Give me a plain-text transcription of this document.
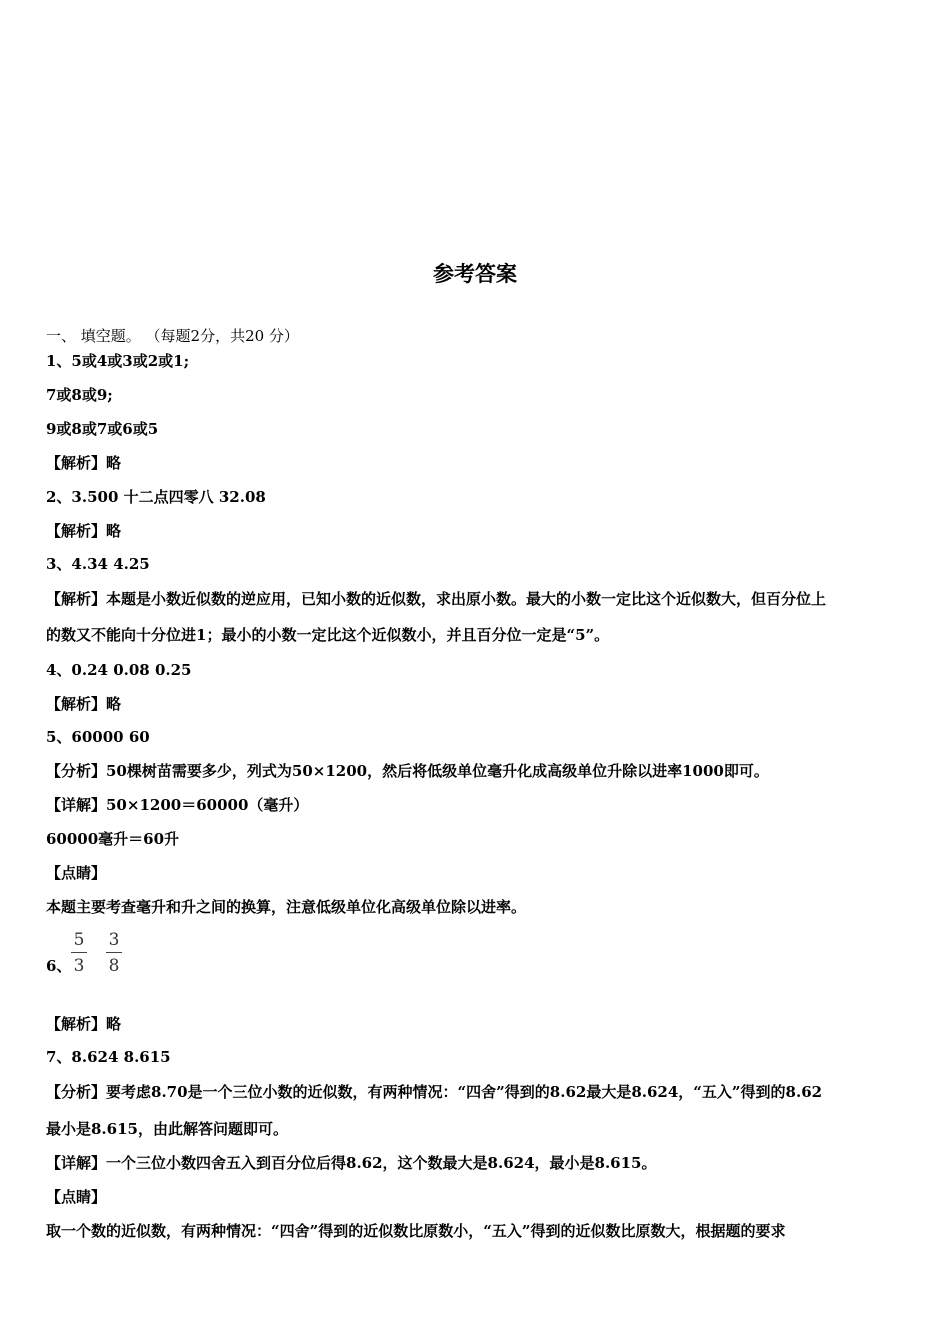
参考答案
一、 填空题。 （每题2分，共20 分）
1、5或4或3或2或1;
7或8或9;
9或8或7或6或5
【解析】略
2、3.500 十二点四零八 32.08
【解析】略
3、4.34 4.25
【解析】本题是小数近似数的逆应用，已知小数的近似数，求出原小数。最大的小数一定比这个近似数大，但百分位上
的数又不能向十分位进1；最小的小数一定比这个近似数小，并且百分位一定是“5”。
4、0.24 0.08 0.25
【解析】略
5、60000 60
【分析】50棵树苗需要多少，列式为50×1200，然后将低级单位毫升化成高级单位升除以进率1000即可。
【详解】50×1200＝60000（毫升）
60000毫升＝60升
【点睛】
本题主要考查毫升和升之间的换算，注意低级单位化高级单位除以进率。
6、
5
3
3
8
【解析】略
7、8.624 8.615
【分析】要考虑8.70是一个三位小数的近似数，有两种情况：“四舍”得到的8.62最大是8.624，“五入”得到的8.62
最小是8.615，由此解答问题即可。
【详解】一个三位小数四舍五入到百分位后得8.62，这个数最大是8.624，最小是8.615。
【点睛】
取一个数的近似数，有两种情况：“四舍”得到的近似数比原数小，“五入”得到的近似数比原数大，根据题的要求
